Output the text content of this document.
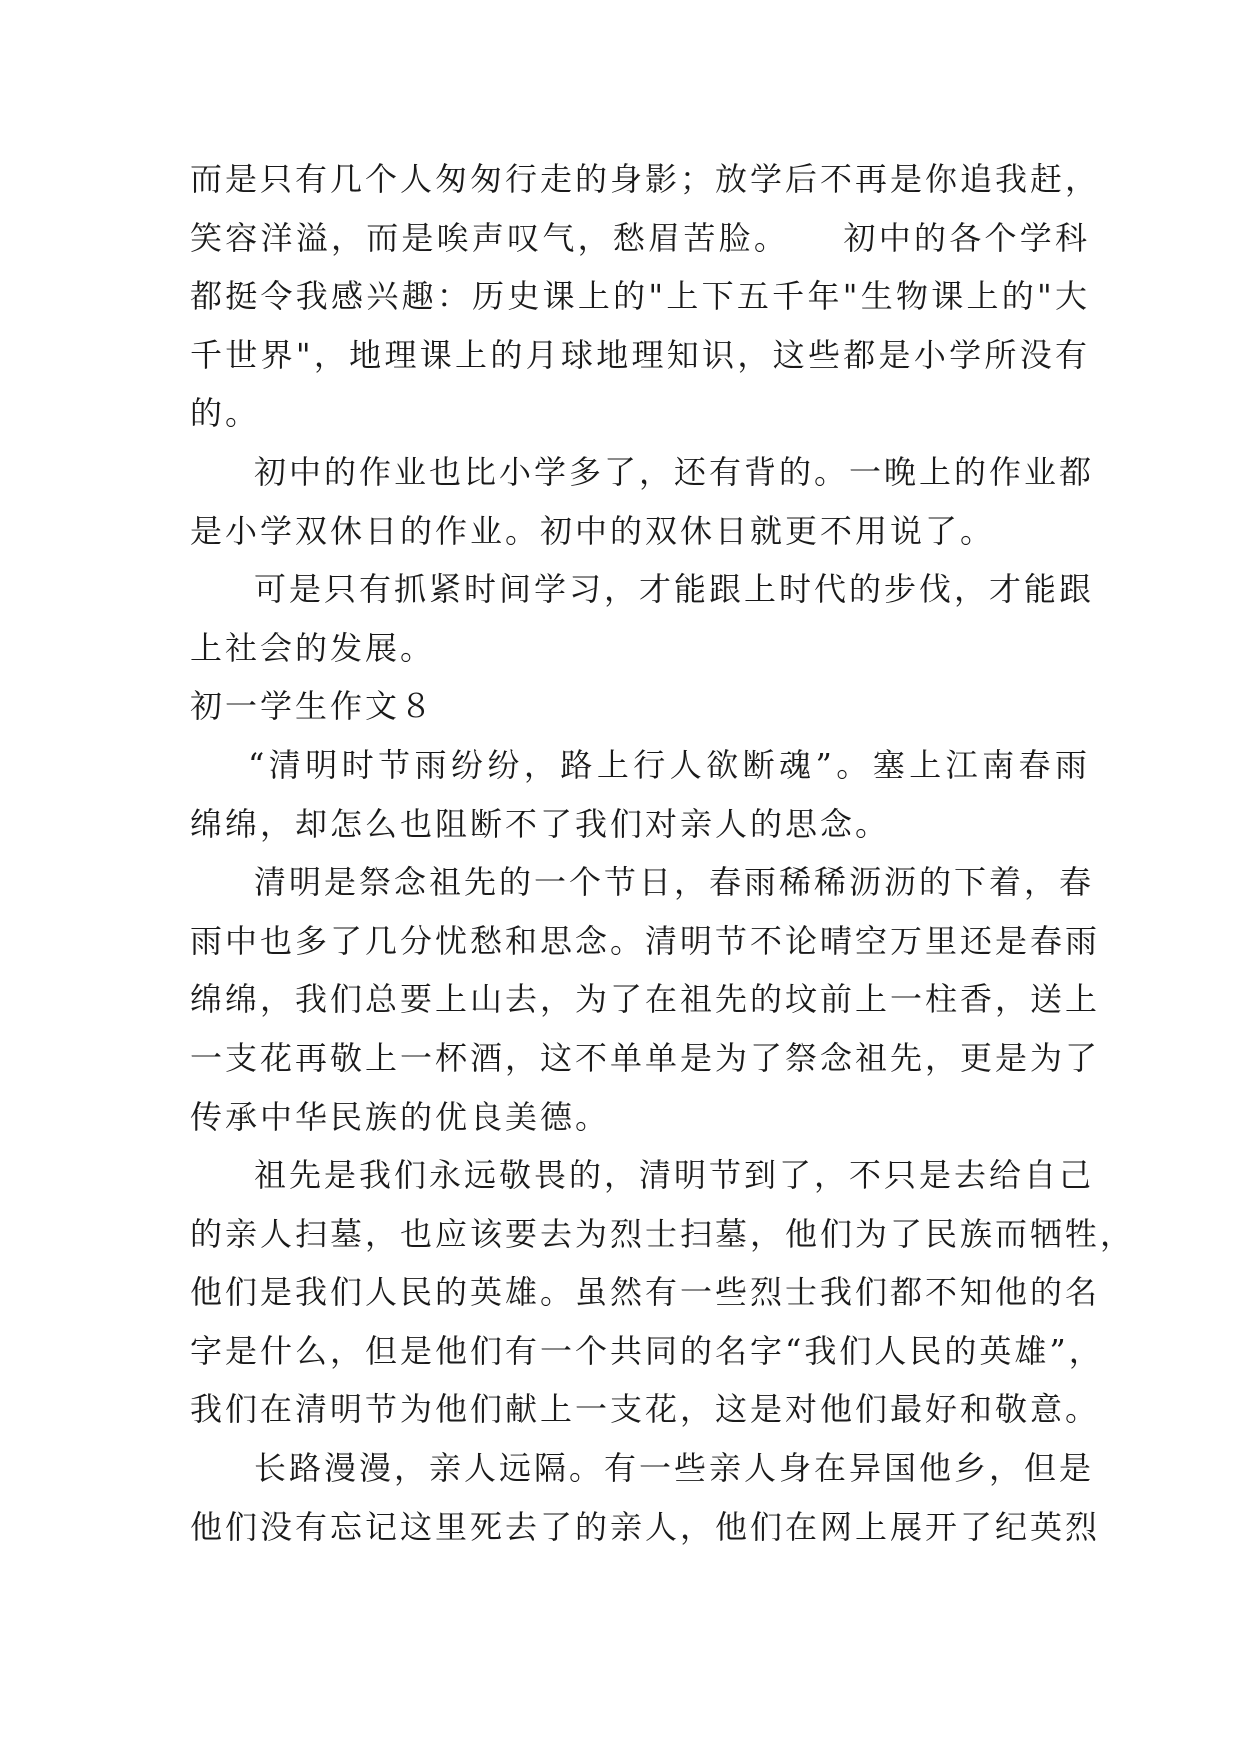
而是只有几个人匆匆行走的身影；放学后不再是你追我赶，
笑容洋溢，而是唉声叹气，愁眉苦脸。　　初中的各个学科
都挺令我感兴趣：历史课上的"上下五千年"生物课上的"大
千世界"，地理课上的月球地理知识，这些都是小学所没有
的。
初中的作业也比小学多了，还有背的。一晚上的作业都
是小学双休日的作业。初中的双休日就更不用说了。
可是只有抓紧时间学习，才能跟上时代的步伐，才能跟
上社会的发展。
初一学生作文８
“清明时节雨纷纷，路上行人欲断魂”。塞上江南春雨
绵绵，却怎么也阻断不了我们对亲人的思念。
清明是祭念祖先的一个节日，春雨稀稀沥沥的下着，春
雨中也多了几分忧愁和思念。清明节不论晴空万里还是春雨
绵绵，我们总要上山去，为了在祖先的坟前上一柱香，送上
一支花再敬上一杯酒，这不单单是为了祭念祖先，更是为了
传承中华民族的优良美德。
祖先是我们永远敬畏的，清明节到了，不只是去给自己
的亲人扫墓，也应该要去为烈士扫墓，他们为了民族而牺牲，
他们是我们人民的英雄。虽然有一些烈士我们都不知他的名
字是什么，但是他们有一个共同的名字“我们人民的英雄”，
我们在清明节为他们献上一支花，这是对他们最好和敬意。
长路漫漫，亲人远隔。有一些亲人身在异国他乡，但是
他们没有忘记这里死去了的亲人，他们在网上展开了纪英烈
